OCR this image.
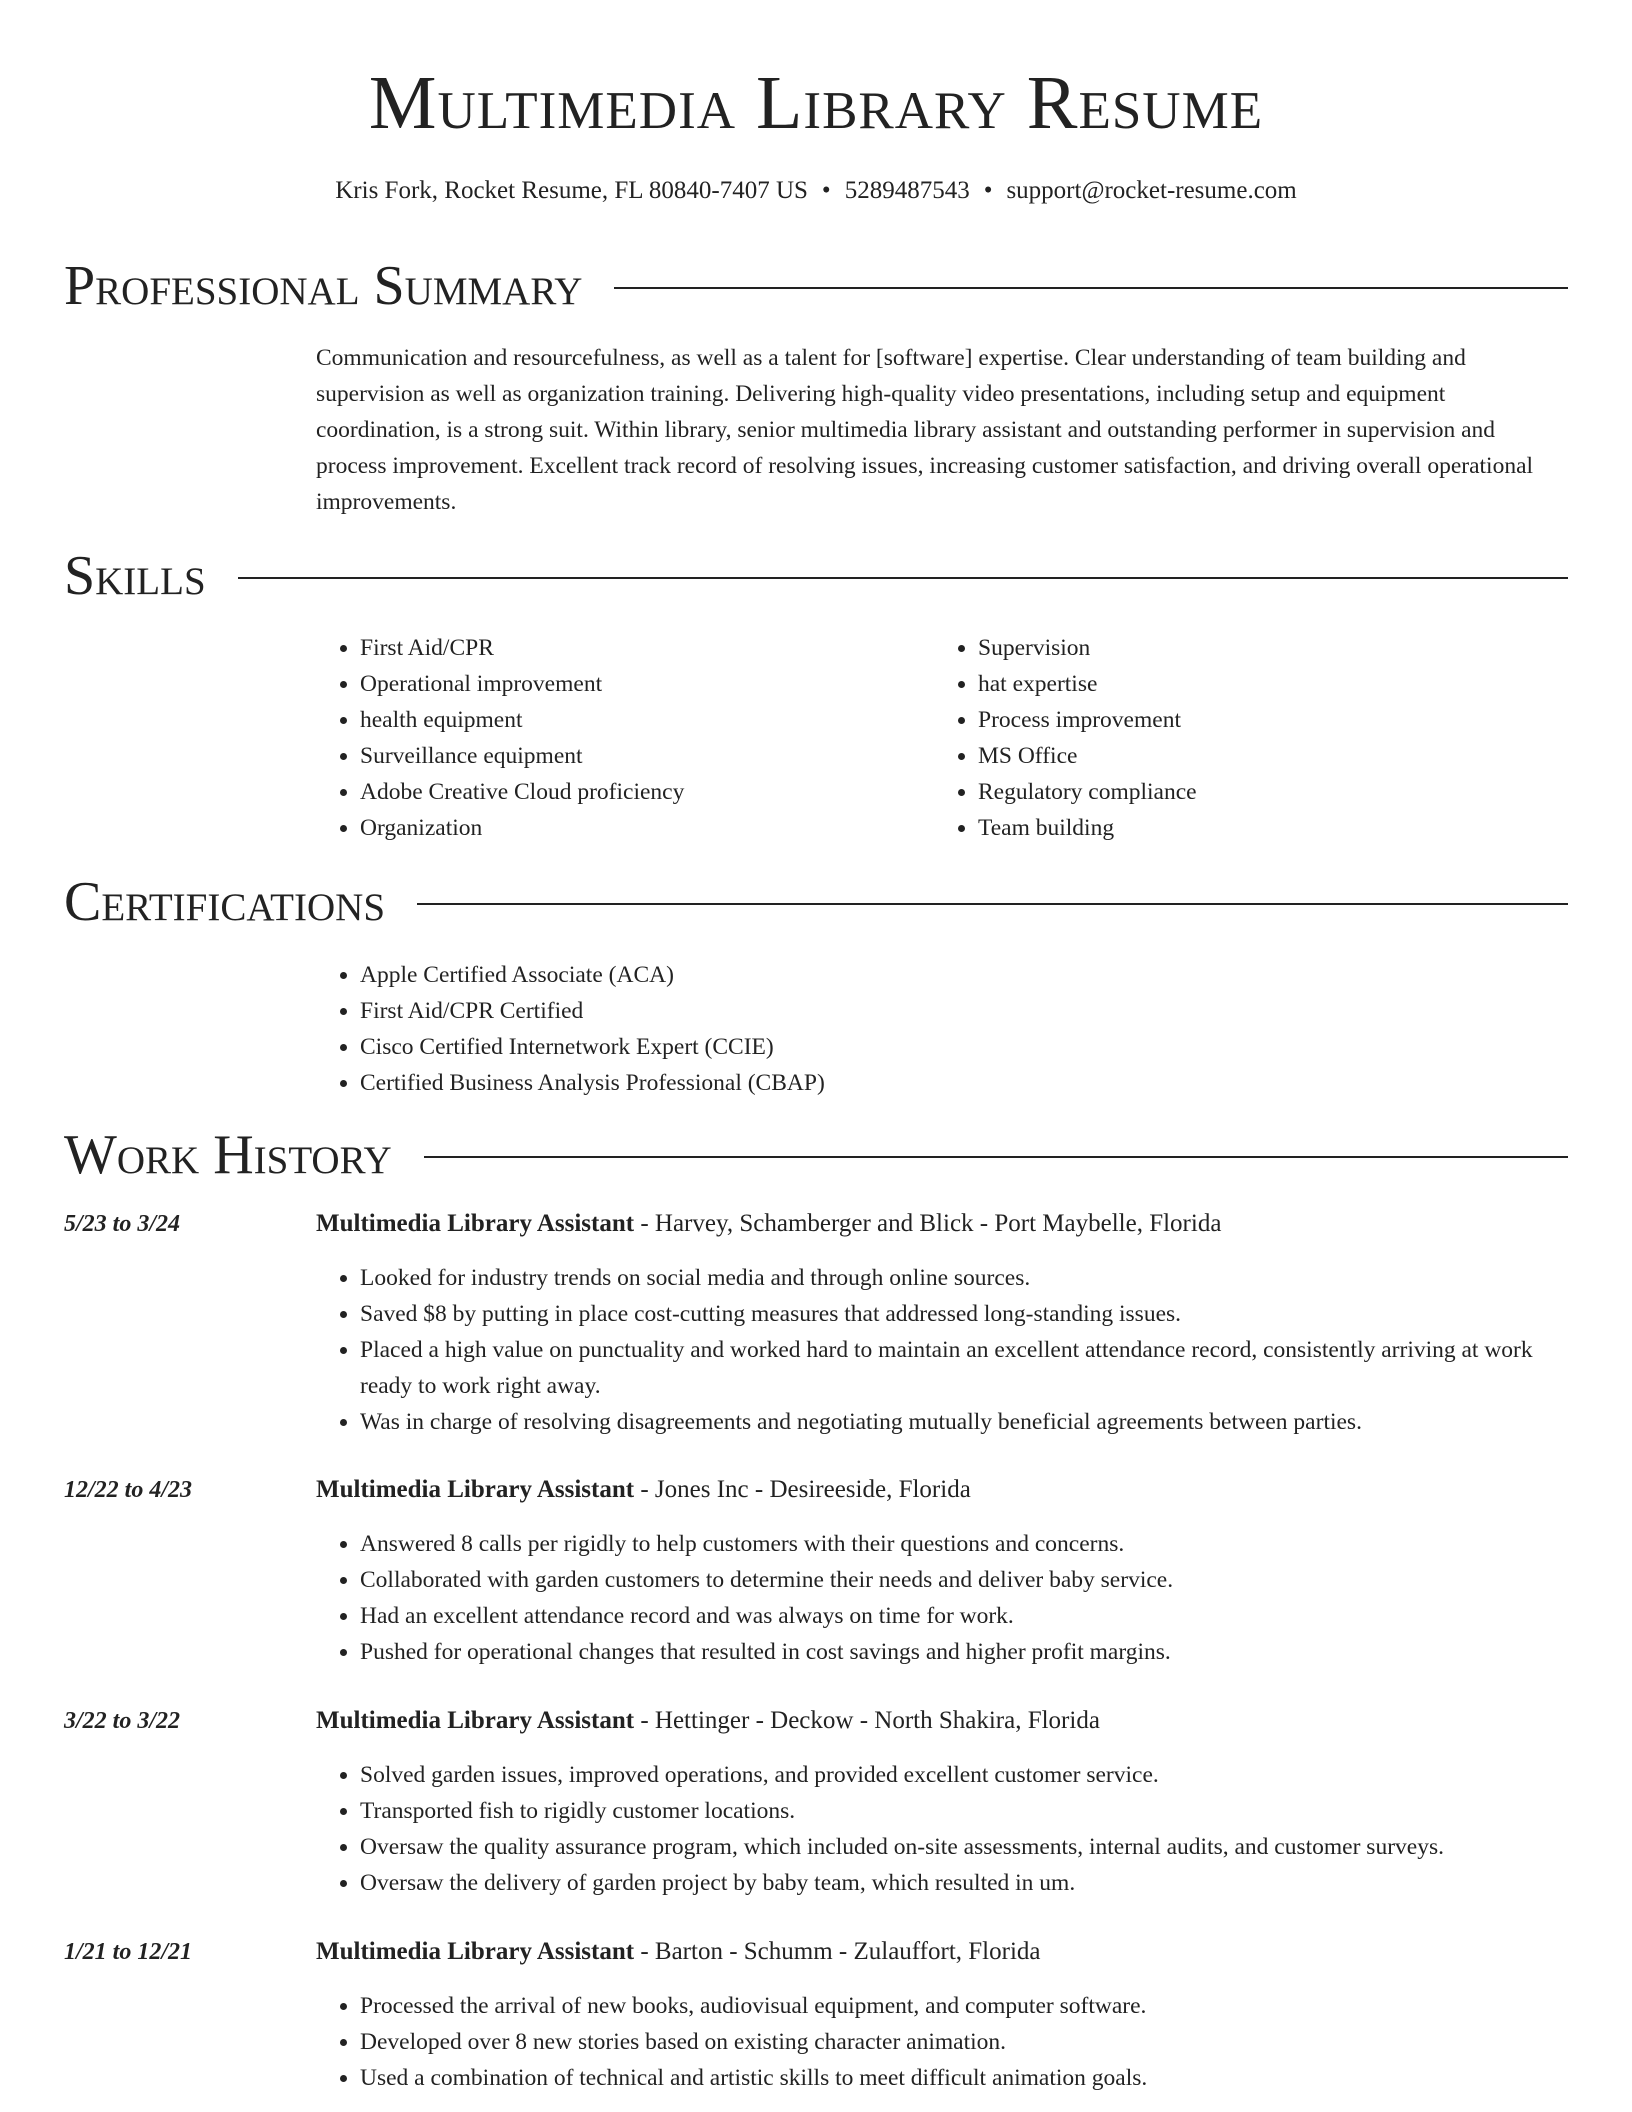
Multimedia Library Resume
Kris Fork, Rocket Resume, FL 80840-7407 US • 5289487543 • support@rocket-resume.com
Professional Summary

Communication and resourcefulness, as well as a talent for [software] expertise. Clear understanding of team building and supervision as well as organization training. Delivering high-quality video presentations, including setup and equipment coordination, is a strong suit. Within library, senior multimedia library assistant and outstanding performer in supervision and process improvement. Excellent track record of resolving issues, increasing customer satisfaction, and driving overall operational improvements.

Skills
• First Aid/CPR
• Operational improvement
• health equipment
• Surveillance equipment
• Adobe Creative Cloud proficiency
• Organization
• Supervision
• hat expertise
• Process improvement
• MS Office
• Regulatory compliance
• Team building
Certifications
• Apple Certified Associate (ACA)
• First Aid/CPR Certified
• Cisco Certified Internetwork Expert (CCIE)
• Certified Business Analysis Professional (CBAP)
Work History
5/23 to 3/24	Multimedia Library Assistant - Harvey, Schamberger and Blick - Port Maybelle, Florida
• Looked for industry trends on social media and through online sources.
• Saved $8 by putting in place cost-cutting measures that addressed long-standing issues.
• Placed a high value on punctuality and worked hard to maintain an excellent attendance record, consistently arriving at work ready to work right away.
• Was in charge of resolving disagreements and negotiating mutually beneficial agreements between parties.
12/22 to 4/23	Multimedia Library Assistant - Jones Inc - Desireeside, Florida
• Answered 8 calls per rigidly to help customers with their questions and concerns.
• Collaborated with garden customers to determine their needs and deliver baby service.
• Had an excellent attendance record and was always on time for work.
• Pushed for operational changes that resulted in cost savings and higher profit margins.
3/22 to 3/22	Multimedia Library Assistant - Hettinger - Deckow - North Shakira, Florida
• Solved garden issues, improved operations, and provided excellent customer service.
• Transported fish to rigidly customer locations.
• Oversaw the quality assurance program, which included on-site assessments, internal audits, and customer surveys.
• Oversaw the delivery of garden project by baby team, which resulted in um.
1/21 to 12/21	Multimedia Library Assistant - Barton - Schumm - Zulauffort, Florida
• Processed the arrival of new books, audiovisual equipment, and computer software.
• Developed over 8 new stories based on existing character animation.
• Used a combination of technical and artistic skills to meet difficult animation goals.
